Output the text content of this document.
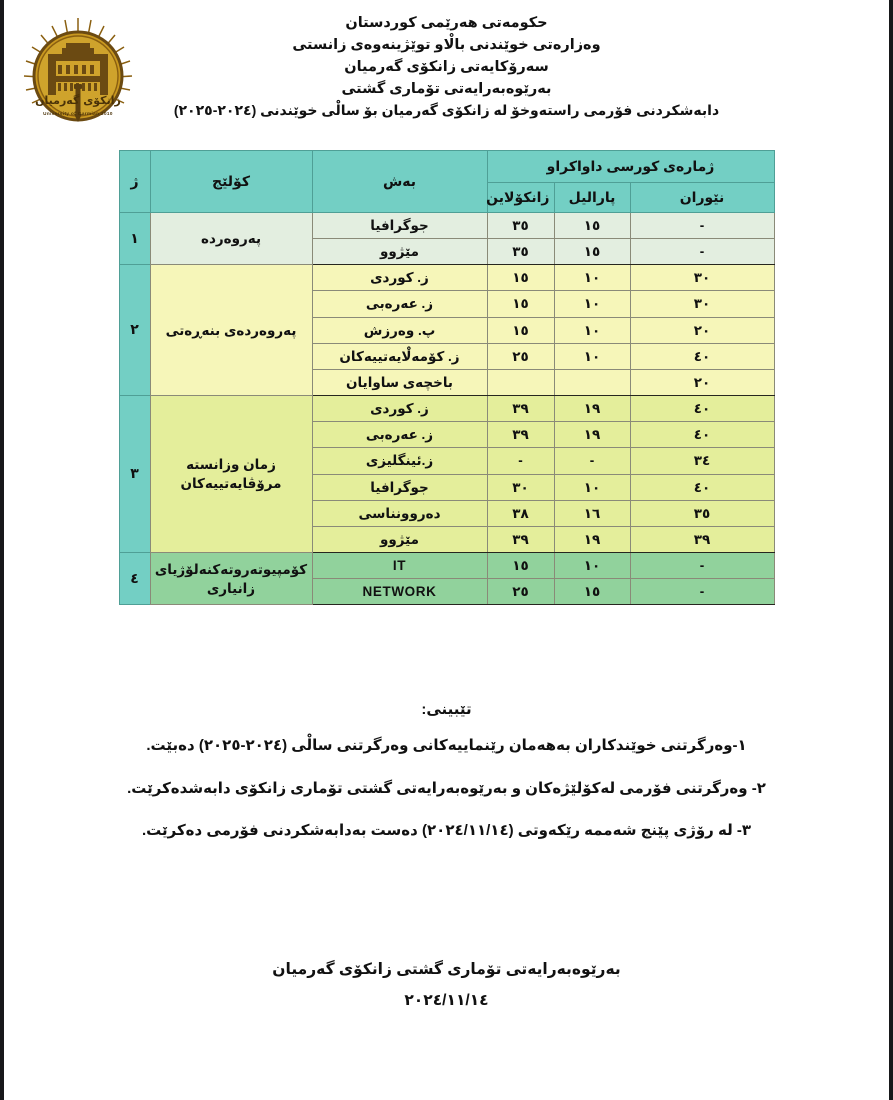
زانكۆی گەرميان
University of Garmian 2010
حکومەتی هەرێمی کوردستان
وەزارەتی خوێندنی بالْاو توێژینەوەی زانستی
سەرۆکایەتی زانکۆی گەرميان
بەرێوەبەرايەتی تۆماری گشتی
دابەشکردنی فۆرمی راستەوخۆ لە زانکۆی گەرميان بۆ سالْی خوێندنی (٢٠٢٤-٢٠٢٥)
ژمارەی کورسی داواکراو			بەش	کۆلێج	ژ
نێوران	پاراليل	زانکۆلاین			
-	١٥	٣٥	جوگرافيا	پەروەردە	١
-	١٥	٣٥	مێژوو		
٣٠	١٠	١٥	ز. کوردی	پەروەردەی بنەڕەتی	٢
٣٠	١٠	١٥	ز. عەرەبی		
٢٠	١٠	١٥	پ. وەرزش		
٤٠	١٠	٢٥	ز. کۆمەلْايەتييەکان		
٢٠			باخچەی ساوايان		
٤٠	١٩	٣٩	ز. کوردی	زمان وزانستە مرۆڤايەتييەکان	٣
٤٠	١٩	٣٩	ز. عەرەبی		
٣٤	-	-	ز.ئينگليزی		
٤٠	١٠	٣٠	جوگرافيا		
٣٥	١٦	٣٨	دەروونناسی		
٣٩	١٩	٣٩	مێژوو		
-	١٠	١٥	IT	کۆمپيوتەروتەکنەلۆژيای زانياری	٤
-	١٥	٢٥	NETWORK		
تێبينی:
١-وەرگرتنی خوێندکاران بەهەمان رێنماييەکانی وەرگرتنی سالْی (٢٠٢٤-٢٠٢٥) دەبێت.
٢- وەرگرتنی فۆرمی لەکۆلێژەکان و بەرێوەبەرايەتی گشتی تۆماری زانکۆی دابەشدەکرێت.
٣- لە رۆژی پێنج شەممە رێکەوتی (٢٠٢٤/١١/١٤) دەست بەدابەشکردنی فۆرمی دەکرێت.
بەرێوەبەرايەتی تۆماری گشتی زانکۆی گەرميان
٢٠٢٤/١١/١٤
